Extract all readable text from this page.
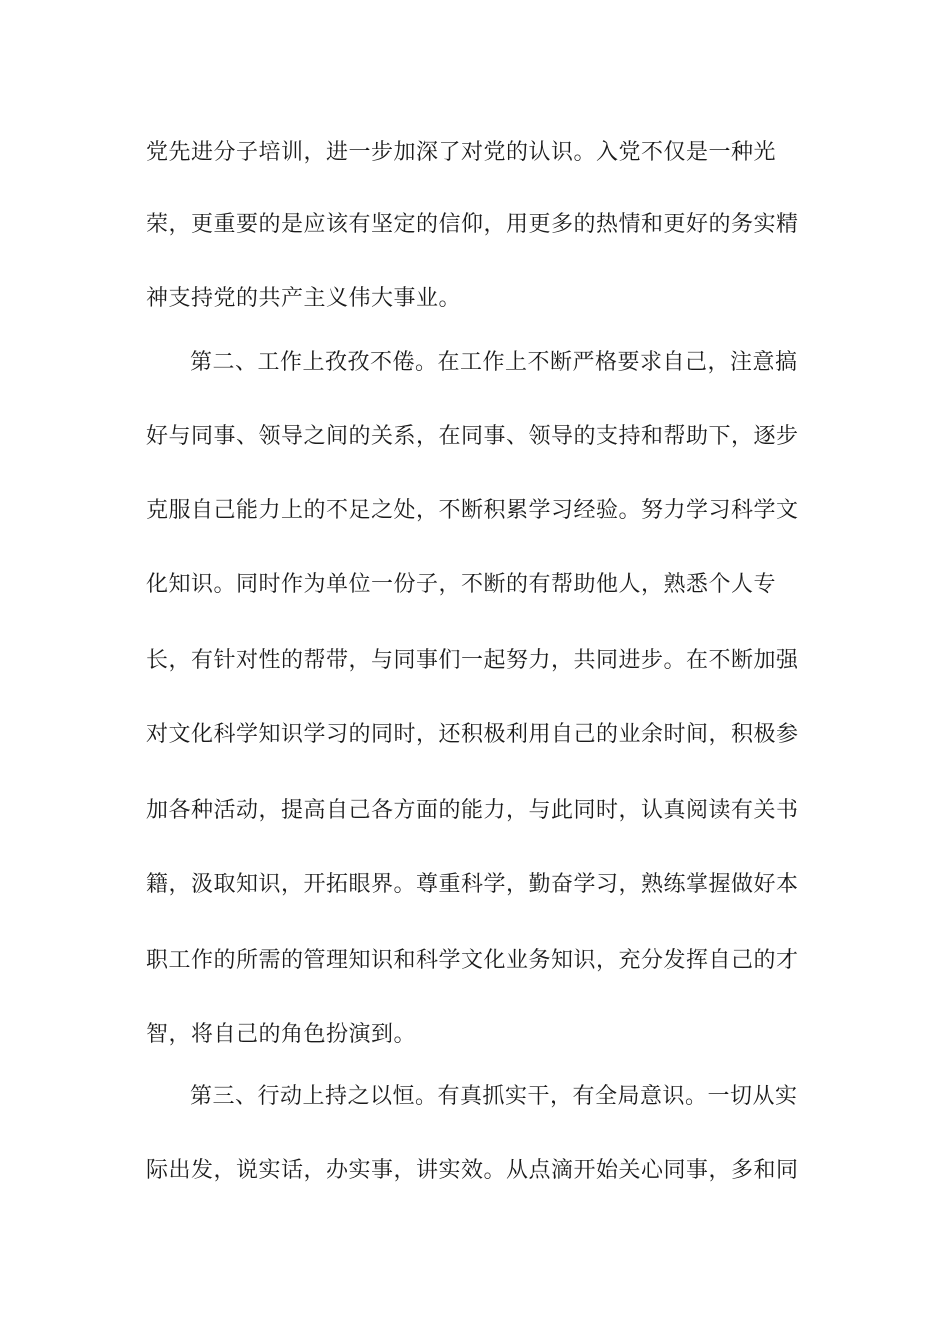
党先进分子培训，进一步加深了对党的认识。入党不仅是一种光
荣，更重要的是应该有坚定的信仰，用更多的热情和更好的务实精
神支持党的共产主义伟大事业。
第二、工作上孜孜不倦。在工作上不断严格要求自己，注意搞
好与同事、领导之间的关系，在同事、领导的支持和帮助下，逐步
克服自己能力上的不足之处，不断积累学习经验。努力学习科学文
化知识。同时作为单位一份子，不断的有帮助他人，熟悉个人专
长，有针对性的帮带，与同事们一起努力，共同进步。在不断加强
对文化科学知识学习的同时，还积极利用自己的业余时间，积极参
加各种活动，提高自己各方面的能力，与此同时，认真阅读有关书
籍，汲取知识，开拓眼界。尊重科学，勤奋学习，熟练掌握做好本
职工作的所需的管理知识和科学文化业务知识，充分发挥自己的才
智，将自己的角色扮演到。
第三、行动上持之以恒。有真抓实干，有全局意识。一切从实
际出发，说实话，办实事，讲实效。从点滴开始关心同事，多和同
